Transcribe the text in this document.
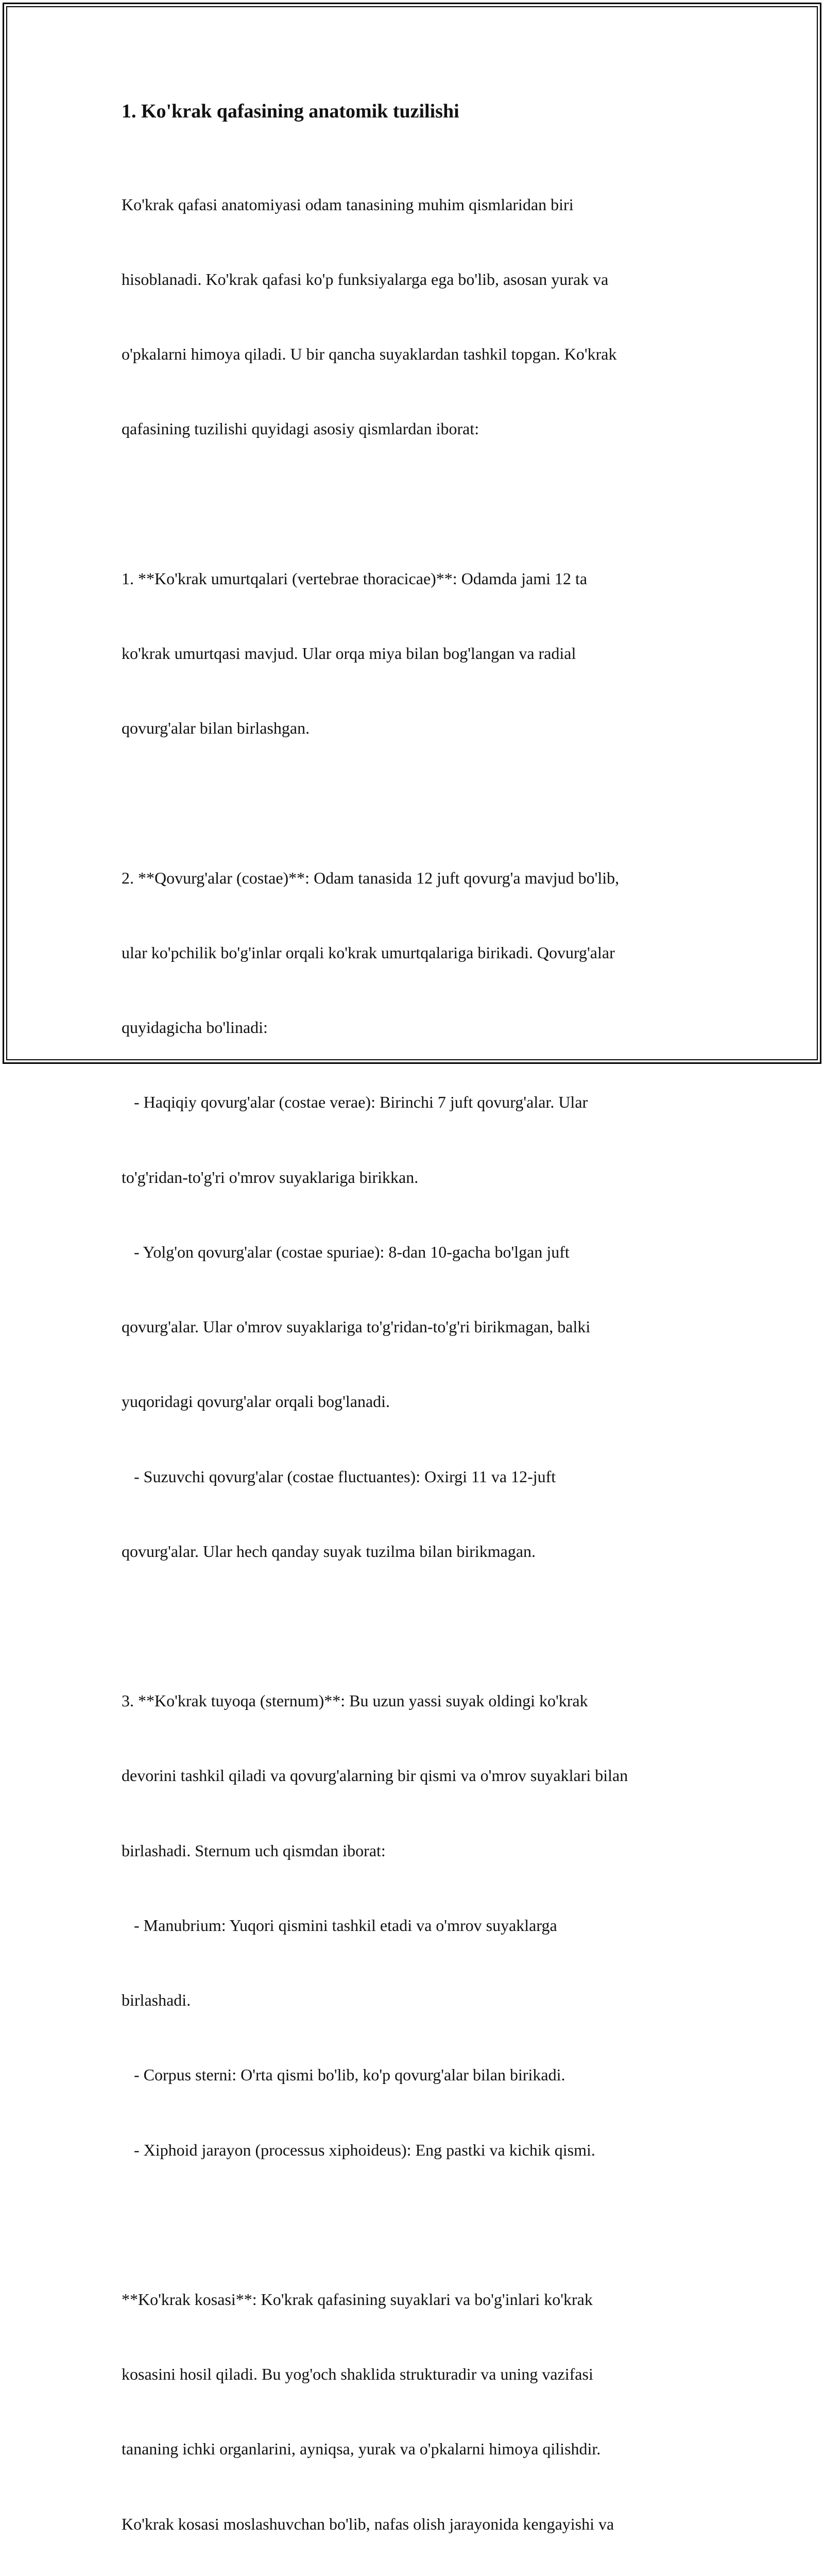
1. Ko'krak qafasining anatomik tuzilishi

Ko'krak qafasi anatomiyasi odam tanasining muhim qismlaridan biri

hisoblanadi. Ko'krak qafasi ko'p funksiyalarga ega bo'lib, asosan yurak va

o'pkalarni himoya qiladi. U bir qancha suyaklardan tashkil topgan. Ko'krak

qafasining tuzilishi quyidagi asosiy qismlardan iborat:

1. **Ko'krak umurtqalari (vertebrae thoracicae)**: Odamda jami 12 ta

ko'krak umurtqasi mavjud. Ular orqa miya bilan bog'langan va radial

qovurg'alar bilan birlashgan.

2. **Qovurg'alar (costae)**: Odam tanasida 12 juft qovurg'a mavjud bo'lib,

ular ko'pchilik bo'g'inlar orqali ko'krak umurtqalariga birikadi. Qovurg'alar

quyidagicha bo'linadi:

- Haqiqiy qovurg'alar (costae verae): Birinchi 7 juft qovurg'alar. Ular

to'g'ridan-to'g'ri o'mrov suyaklariga birikkan.

- Yolg'on qovurg'alar (costae spuriae): 8-dan 10-gacha bo'lgan juft

qovurg'alar. Ular o'mrov suyaklariga to'g'ridan-to'g'ri birikmagan, balki

yuqoridagi qovurg'alar orqali bog'lanadi.

- Suzuvchi qovurg'alar (costae fluctuantes): Oxirgi 11 va 12-juft

qovurg'alar. Ular hech qanday suyak tuzilma bilan birikmagan.

3. **Ko'krak tuyoqa (sternum)**: Bu uzun yassi suyak oldingi ko'krak

devorini tashkil qiladi va qovurg'alarning bir qismi va o'mrov suyaklari bilan

birlashadi. Sternum uch qismdan iborat:

- Manubrium: Yuqori qismini tashkil etadi va o'mrov suyaklarga

birlashadi.

- Corpus sterni: O'rta qismi bo'lib, ko'p qovurg'alar bilan birikadi.

- Xiphoid jarayon (processus xiphoideus): Eng pastki va kichik qismi.

**Ko'krak kosasi**: Ko'krak qafasining suyaklari va bo'g'inlari ko'krak

kosasini hosil qiladi. Bu yog'och shaklida strukturadir va uning vazifasi

tananing ichki organlarini, ayniqsa, yurak va o'pkalarni himoya qilishdir.

Ko'krak kosasi moslashuvchan bo'lib, nafas olish jarayonida kengayishi va
